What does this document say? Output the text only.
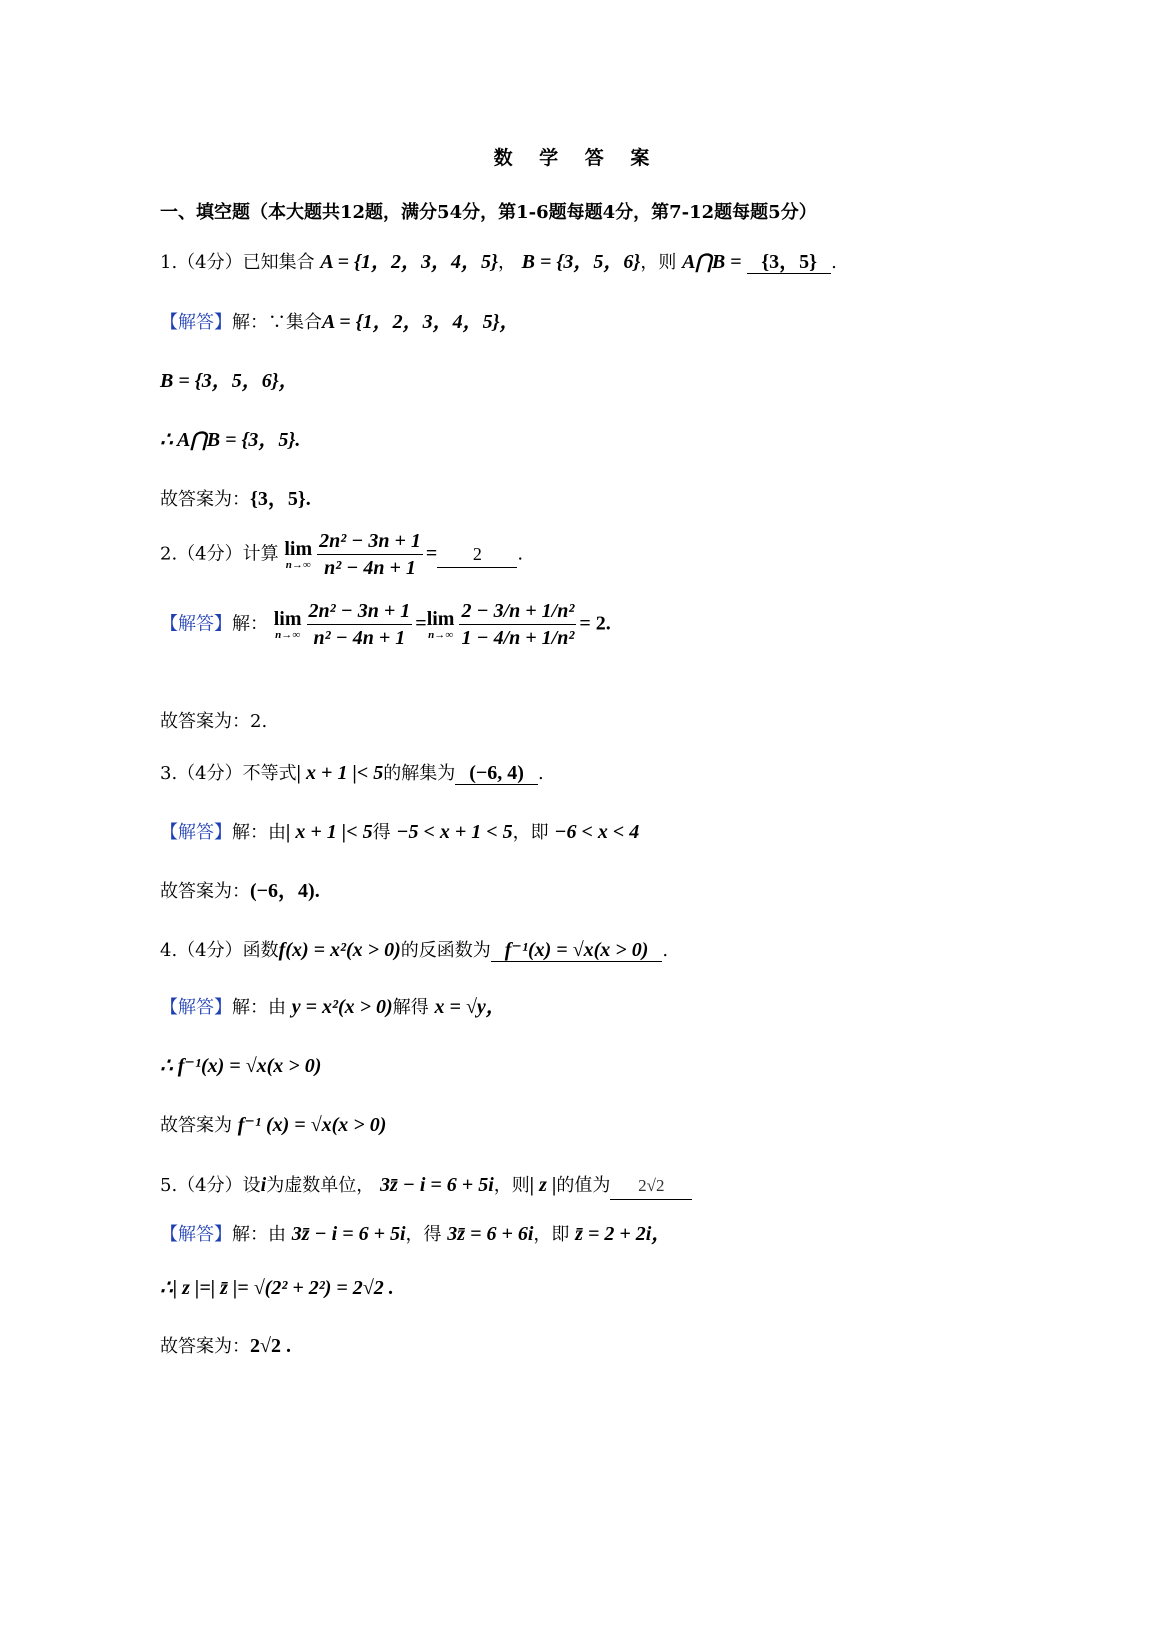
数 学 答 案
一、填空题（本大题共12题，满分54分，第1-6题每题4分，第7-12题每题5分）
1.（4分）已知集合 A = {1，2，3，4，5}， B = {3，5，6}，则 A⋂B = {3，5} .
【解答】解：∵集合A = {1，2，3，4，5}，
B = {3，5，6}，
∴ A⋂B = {3，5}.
故答案为：{3，5}.
2.（4分）计算 lim
$n\to\infty \frac{\text{2n² − 3n + 1}}{\text{n² − 4n + 1}} = 2$ .
【解答】解： lim
$n\to\infty \frac{\text{2n² − 3n + 1}}{\text{n² − 4n + 1}} = \lim$
$n\to\infty \frac{\text{2 − 3/n + 1/n²}}{\text{1 − 4/n + 1/n²}} = 2$.
故答案为：2.
3.（4分）不等式| x + 1 |< 5的解集为 (−6, 4) .
【解答】解：由| x + 1 |< 5得 −5 < x + 1 < 5，即 −6 < x < 4
故答案为：(−6，4).
4.（4分）函数f(x) = x²(x > 0)的反函数为 f⁻¹(x) = √x(x > 0) .
【解答】解：由 y = x²(x > 0)解得 x = √y，
∴ f⁻¹(x) = √x(x > 0)
故答案为 f⁻¹ (x) = √x(x > 0)
5.（4分）设i为虚数单位， 3z̄ − i = 6 + 5i，则| z |的值为 2√2
【解答】解：由 3z̄ − i = 6 + 5i，得 3z̄ = 6 + 6i，即 z̄ = 2 + 2i，
∴| z |=| z̄ |= √(2² + 2²) = 2√2 .
故答案为：2√2 .
